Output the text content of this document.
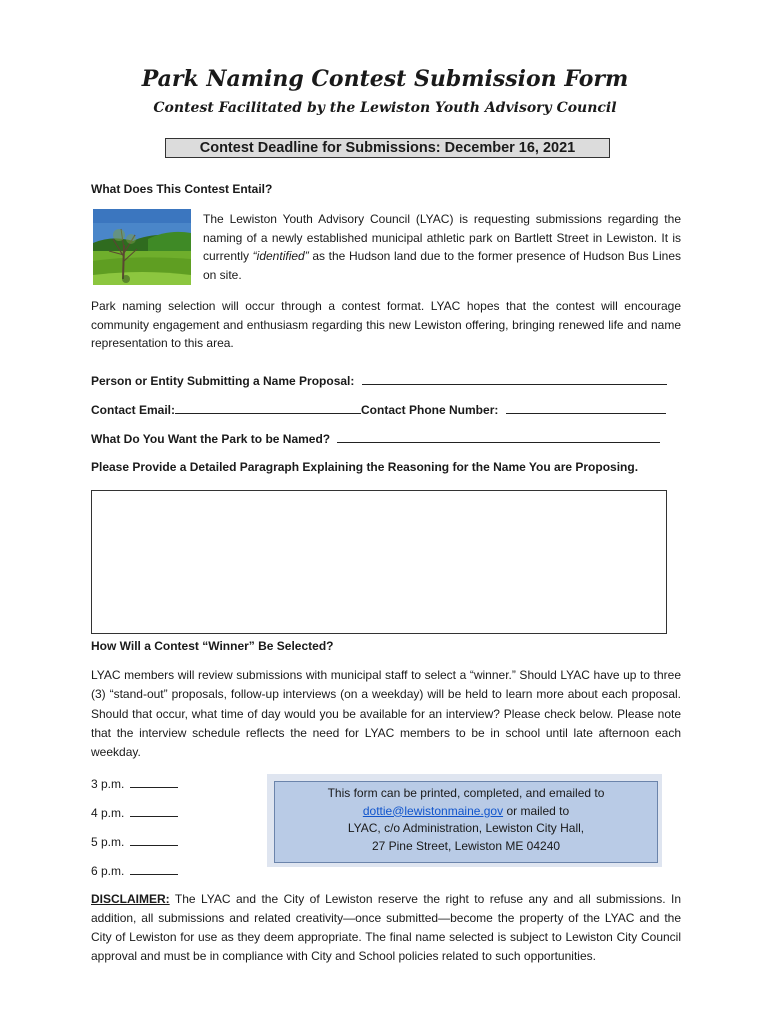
Park Naming Contest Submission Form
Contest Facilitated by the Lewiston Youth Advisory Council
Contest Deadline for Submissions: December 16, 2021

What Does This Contest Entail?

The Lewiston Youth Advisory Council (LYAC) is requesting submissions regarding the naming of a newly established municipal athletic park on Bartlett Street in Lewiston. It is currently “identified” as the Hudson land due to the former presence of Hudson Bus Lines on site.

Park naming selection will occur through a contest format. LYAC hopes that the contest will encourage community engagement and enthusiasm regarding this new Lewiston offering, bringing renewed life and name representation to this area.

Person or Entity Submitting a Name Proposal:
Contact Email:	Contact Phone Number:
What Do You Want the Park to be Named?
Please Provide a Detailed Paragraph Explaining the Reasoning for the Name You are Proposing.

How Will a Contest “Winner” Be Selected?

LYAC members will review submissions with municipal staff to select a “winner.” Should LYAC have up to three (3) “stand-out” proposals, follow-up interviews (on a weekday) will be held to learn more about each proposal. Should that occur, what time of day would you be available for an interview? Please check below. Please note that the interview schedule reflects the need for LYAC members to be in school until late afternoon each weekday.

3 p.m.
4 p.m.
5 p.m.
6 p.m.
This form can be printed, completed, and emailed to
dottie@lewistonmaine.gov or mailed to
LYAC, c/o Administration, Lewiston City Hall,
27 Pine Street, Lewiston ME 04240

DISCLAIMER: The LYAC and the City of Lewiston reserve the right to refuse any and all submissions. In addition, all submissions and related creativity—once submitted—become the property of the LYAC and the City of Lewiston for use as they deem appropriate. The final name selected is subject to Lewiston City Council approval and must be in compliance with City and School policies related to such opportunities.
